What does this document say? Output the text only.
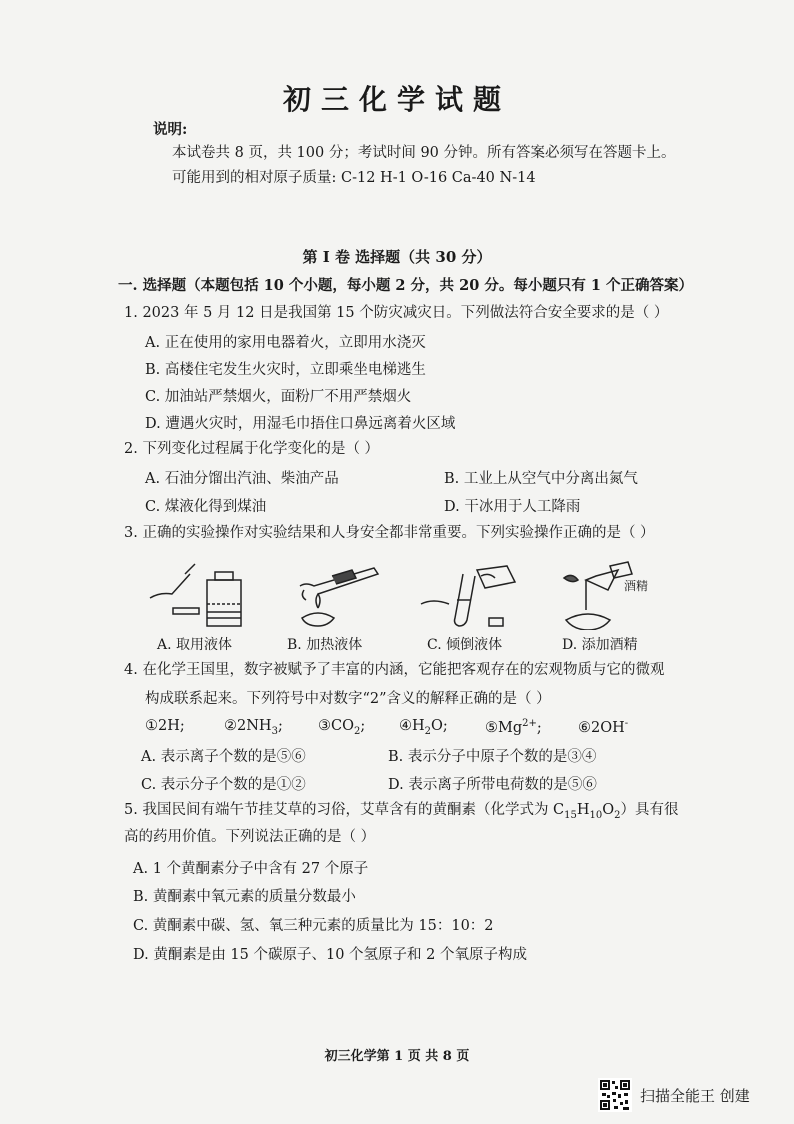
初三化学试题
说明:
本试卷共 8 页，共 100 分；考试时间 90 分钟。所有答案必须写在答题卡上。
可能用到的相对原子质量: C-12 H-1 O-16 Ca-40 N-14
第 I 卷 选择题（共 30 分）
一. 选择题（本题包括 10 个小题，每小题 2 分，共 20 分。每小题只有 1 个正确答案）
1. 2023 年 5 月 12 日是我国第 15 个防灾减灾日。下列做法符合安全要求的是（ ）
A. 正在使用的家用电器着火，立即用水浇灭
B. 高楼住宅发生火灾时，立即乘坐电梯逃生
C. 加油站严禁烟火，面粉厂不用严禁烟火
D. 遭遇火灾时，用湿毛巾捂住口鼻远离着火区域
2. 下列变化过程属于化学变化的是（ ）
A. 石油分馏出汽油、柴油产品	B. 工业上从空气中分离出氮气
C. 煤液化得到煤油	D. 干冰用于人工降雨
3. 正确的实验操作对实验结果和人身安全都非常重要。下列实验操作正确的是（ ）
酒精
A. 取用液体	B. 加热液体	C. 倾倒液体	D. 添加酒精
4. 在化学王国里，数字被赋予了丰富的内涵，它能把客观存在的宏观物质与它的微观
构成联系起来。下列符号中对数字“2”含义的解释正确的是（ ）
①2H;	$②2NH_3$; $③CO_2$; $④H_2O$;	$⑤Mg^{2+}$; ⑥2OH-
A. 表示离子个数的是⑤⑥	B. 表示分子中原子个数的是③④
C. 表示分子个数的是①②	D. 表示离子所带电荷数的是⑤⑥
5. 我国民间有端午节挂艾草的习俗，艾草含有的黄酮素（化学式为 $C_{15}H_{10}O_2$）具有很
高的药用价值。下列说法正确的是（ ）
A. 1 个黄酮素分子中含有 27 个原子
B. 黄酮素中氧元素的质量分数最小
C. 黄酮素中碳、氢、氧三种元素的质量比为 15：10：2
D. 黄酮素是由 15 个碳原子、10 个氢原子和 2 个氧原子构成
初三化学第 1 页 共 8 页
扫描全能王 创建
